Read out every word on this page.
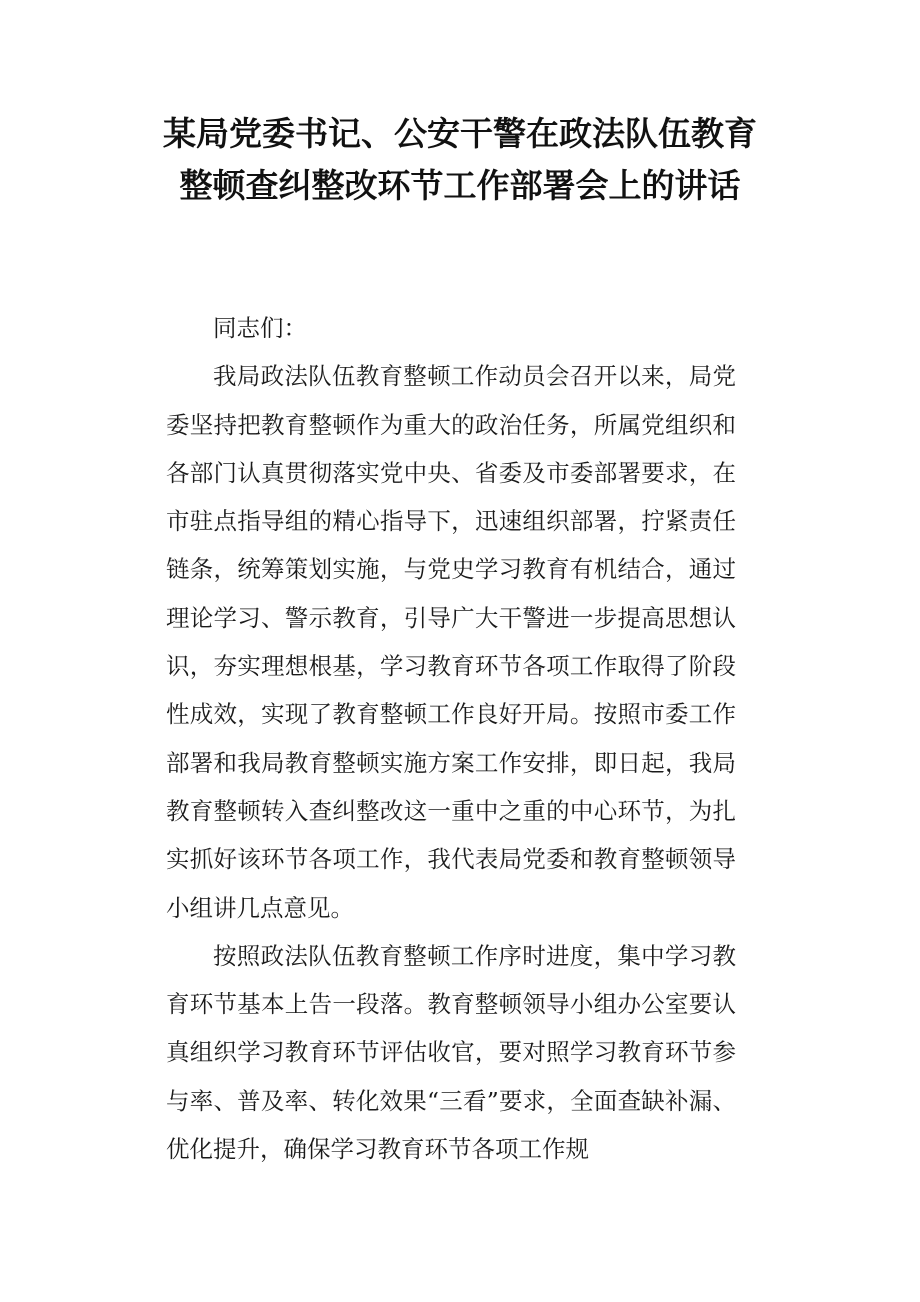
某局党委书记、公安干警在政法队伍教育
整顿查纠整改环节工作部署会上的讲话

同志们：

我局政法队伍教育整顿工作动员会召开以来，局党委坚持把教育整顿作为重大的政治任务，所属党组织和各部门认真贯彻落实党中央、省委及市委部署要求，在市驻点指导组的精心指导下，迅速组织部署，拧紧责任链条，统筹策划实施，与党史学习教育有机结合，通过理论学习、警示教育，引导广大干警进一步提高思想认识，夯实理想根基，学习教育环节各项工作取得了阶段性成效，实现了教育整顿工作良好开局。按照市委工作部署和我局教育整顿实施方案工作安排，即日起，我局教育整顿转入查纠整改这一重中之重的中心环节，为扎实抓好该环节各项工作，我代表局党委和教育整顿领导小组讲几点意见。

按照政法队伍教育整顿工作序时进度，集中学习教育环节基本上告一段落。教育整顿领导小组办公室要认真组织学习教育环节评估收官，要对照学习教育环节参与率、普及率、转化效果“三看”要求，全面查缺补漏、优化提升，确保学习教育环节各项工作规
